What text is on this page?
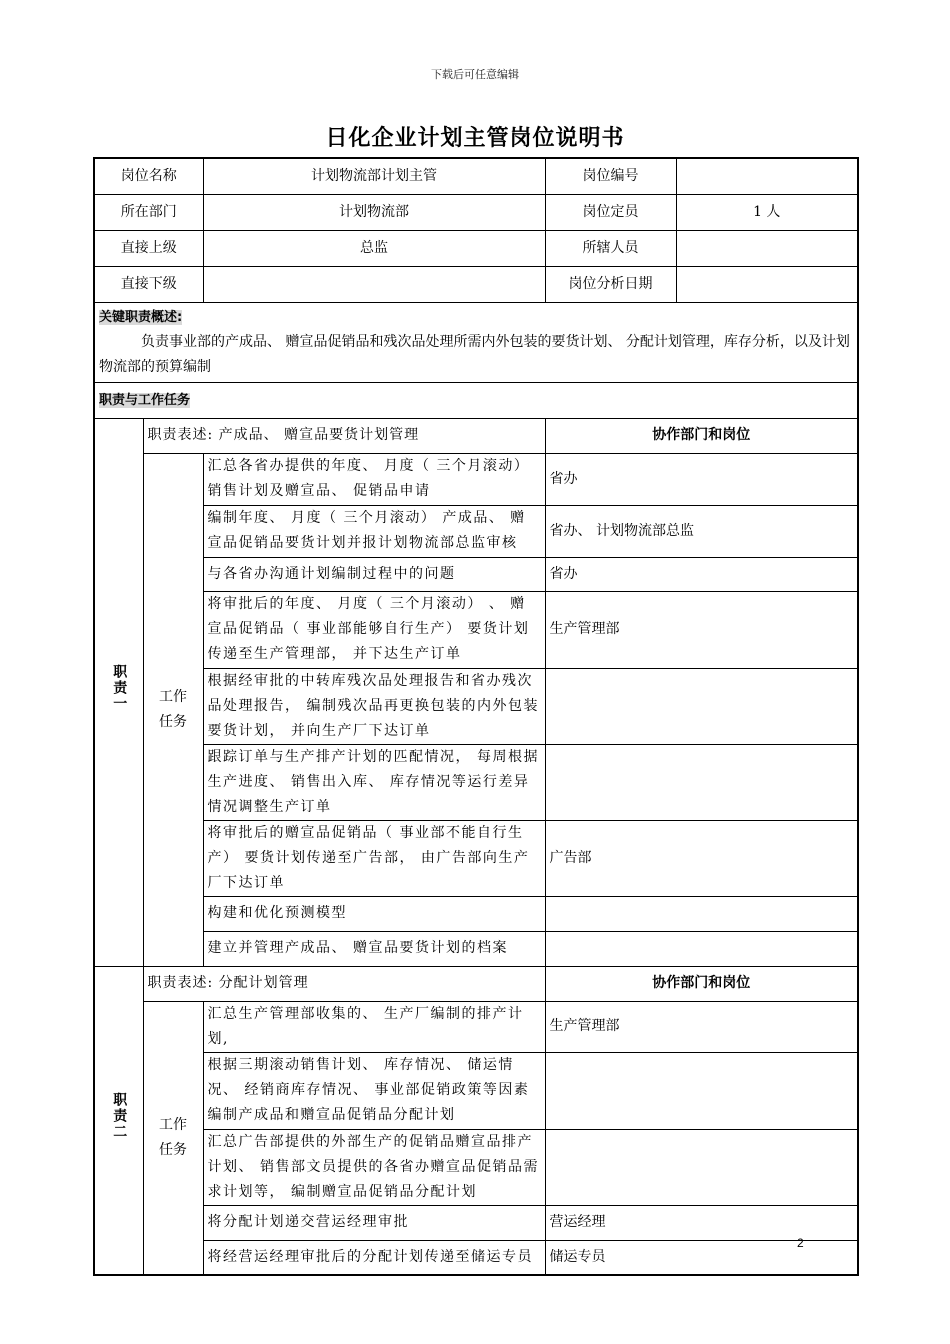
下载后可任意编辑
日化企业计划主管岗位说明书
岗位名称		计划物流部计划主管	岗位编号	
所在部门		计划物流部	岗位定员	1 人
直接上级		总监	所辖人员	
直接下级			岗位分析日期	
关键职责概述:
负责事业部的产成品、 赠宣品促销品和残次品处理所需内外包装的要货计划、 分配计划管理，库存分析，以及计划物流部的预算编制				

职责与工作任务				
职责一	职责表述: 产成品、 赠宣品要货计划管理		协作部门和岗位	
	工作任务	汇总各省办提供的年度、 月度（ 三个月滚动） 销售计划及赠宣品、 促销品申请	省办	
		编制年度、 月度（ 三个月滚动） 产成品、 赠宣品促销品要货计划并报计划物流部总监审核	省办、 计划物流部总监	
		与各省办沟通计划编制过程中的问题	省办	
		将审批后的年度、 月度（ 三个月滚动） 、 赠宣品促销品（ 事业部能够自行生产） 要货计划传递至生产管理部， 并下达生产订单	生产管理部	
		根据经审批的中转库残次品处理报告和省办残次品处理报告， 编制残次品再更换包装的内外包装要货计划， 并向生产厂下达订单		
		跟踪订单与生产排产计划的匹配情况， 每周根据生产进度、 销售出入库、 库存情况等运行差异情况调整生产订单		
		将审批后的赠宣品促销品（ 事业部不能自行生产） 要货计划传递至广告部， 由广告部向生产厂下达订单	广告部	
		构建和优化预测模型		
		建立并管理产成品、 赠宣品要货计划的档案		
职责二	职责表述: 分配计划管理		协作部门和岗位	
	工作任务	汇总生产管理部收集的、 生产厂编制的排产计划,	生产管理部	
		根据三期滚动销售计划、 库存情况、 储运情况、 经销商库存情况、 事业部促销政策等因素编制产成品和赠宣品促销品分配计划		
		汇总广告部提供的外部生产的促销品赠宣品排产计划、 销售部文员提供的各省办赠宣品促销品需求计划等， 编制赠宣品促销品分配计划		
		将分配计划递交营运经理审批	营运经理	
		将经营运经理审批后的分配计划传递至储运专员	储运专员	
2
